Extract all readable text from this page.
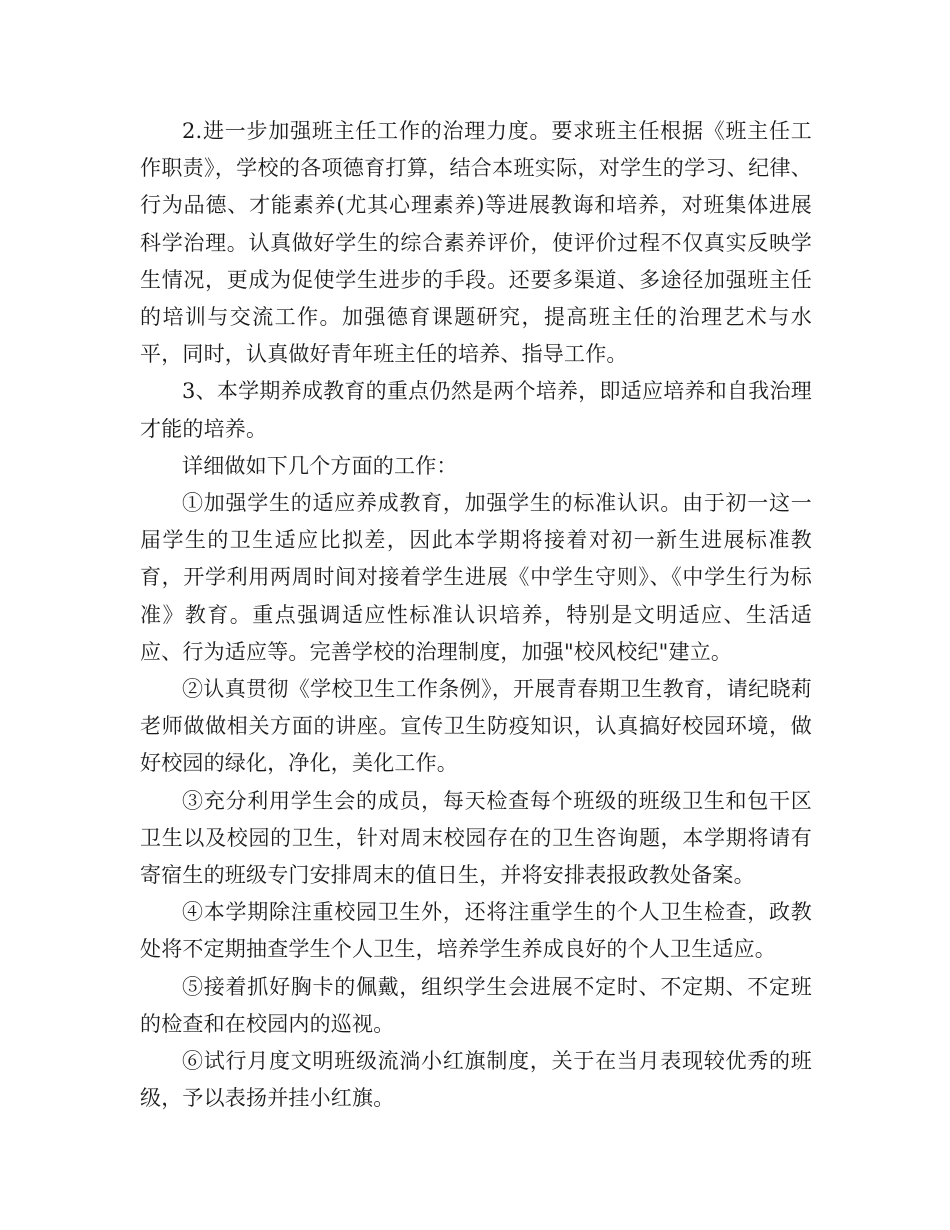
2.进一步加强班主任工作的治理力度。要求班主任根据《班主任工作职责》，学校的各项德育打算，结合本班实际，对学生的学习、纪律、行为品德、才能素养(尤其心理素养)等进展教诲和培养，对班集体进展科学治理。认真做好学生的综合素养评价，使评价过程不仅真实反映学生情况，更成为促使学生进步的手段。还要多渠道、多途径加强班主任的培训与交流工作。加强德育课题研究，提高班主任的治理艺术与水平，同时，认真做好青年班主任的培养、指导工作。

3、本学期养成教育的重点仍然是两个培养，即适应培养和自我治理才能的培养。

详细做如下几个方面的工作：

①加强学生的适应养成教育，加强学生的标准认识。由于初一这一届学生的卫生适应比拟差，因此本学期将接着对初一新生进展标准教育，开学利用两周时间对接着学生进展《中学生守则》、《中学生行为标准》教育。重点强调适应性标准认识培养，特别是文明适应、生活适应、行为适应等。完善学校的治理制度，加强"校风校纪"建立。

②认真贯彻《学校卫生工作条例》，开展青春期卫生教育，请纪晓莉老师做做相关方面的讲座。宣传卫生防疫知识，认真搞好校园环境，做好校园的绿化，净化，美化工作。

③充分利用学生会的成员，每天检查每个班级的班级卫生和包干区卫生以及校园的卫生，针对周末校园存在的卫生咨询题，本学期将请有寄宿生的班级专门安排周末的值日生，并将安排表报政教处备案。

④本学期除注重校园卫生外，还将注重学生的个人卫生检查，政教处将不定期抽查学生个人卫生，培养学生养成良好的个人卫生适应。

⑤接着抓好胸卡的佩戴，组织学生会进展不定时、不定期、不定班的检查和在校园内的巡视。

⑥试行月度文明班级流淌小红旗制度，关于在当月表现较优秀的班级，予以表扬并挂小红旗。
